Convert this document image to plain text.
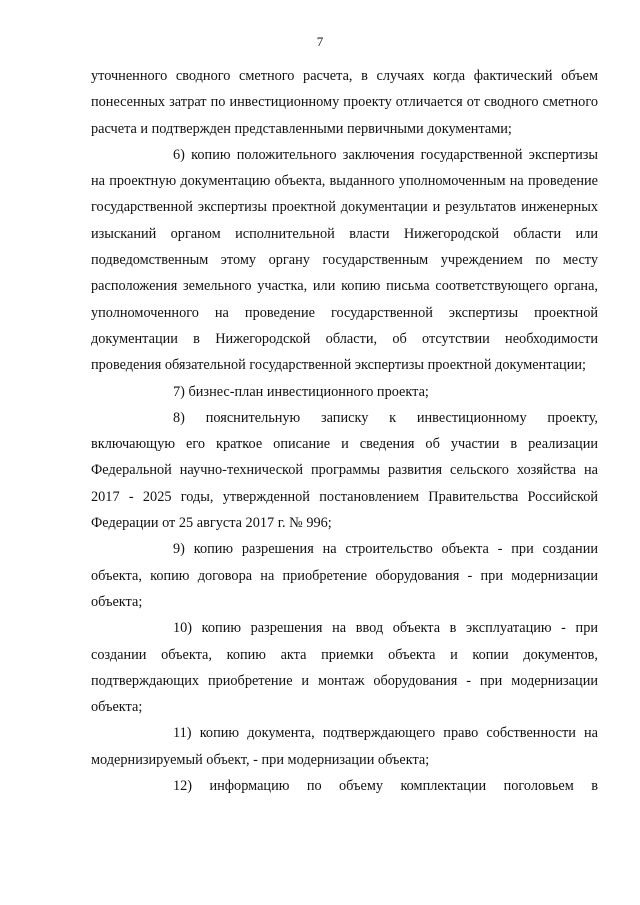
7

уточненного сводного сметного расчета, в случаях когда фактический объем понесенных затрат по инвестиционному проекту отличается от сводного сметного расчета и подтвержден представленными первичными документами;

6) копию положительного заключения государственной экспертизы на проектную документацию объекта, выданного уполномоченным на проведение государственной экспертизы проектной документации и результатов инженерных изысканий органом исполнительной власти Нижегородской области или подведомственным этому органу государственным учреждением по месту расположения земельного участка, или копию письма соответствующего органа, уполномоченного на проведение государственной экспертизы проектной документации в Нижегородской области, об отсутствии необходимости проведения обязательной государственной экспертизы проектной документации;

7) бизнес-план инвестиционного проекта;

8) пояснительную записку к инвестиционному проекту, включающую его краткое описание и сведения об участии в реализации Федеральной научно-технической программы развития сельского хозяйства на 2017 - 2025 годы, утвержденной постановлением Правительства Российской Федерации от 25 августа 2017 г. № 996;

9) копию разрешения на строительство объекта - при создании объекта, копию договора на приобретение оборудования - при модернизации объекта;

10) копию разрешения на ввод объекта в эксплуатацию - при создании объекта, копию акта приемки объекта и копии документов, подтверждающих приобретение и монтаж оборудования - при модернизации объекта;

11) копию документа, подтверждающего право собственности на модернизируемый объект, - при модернизации объекта;

12) информацию по объему комплектации поголовьем в
